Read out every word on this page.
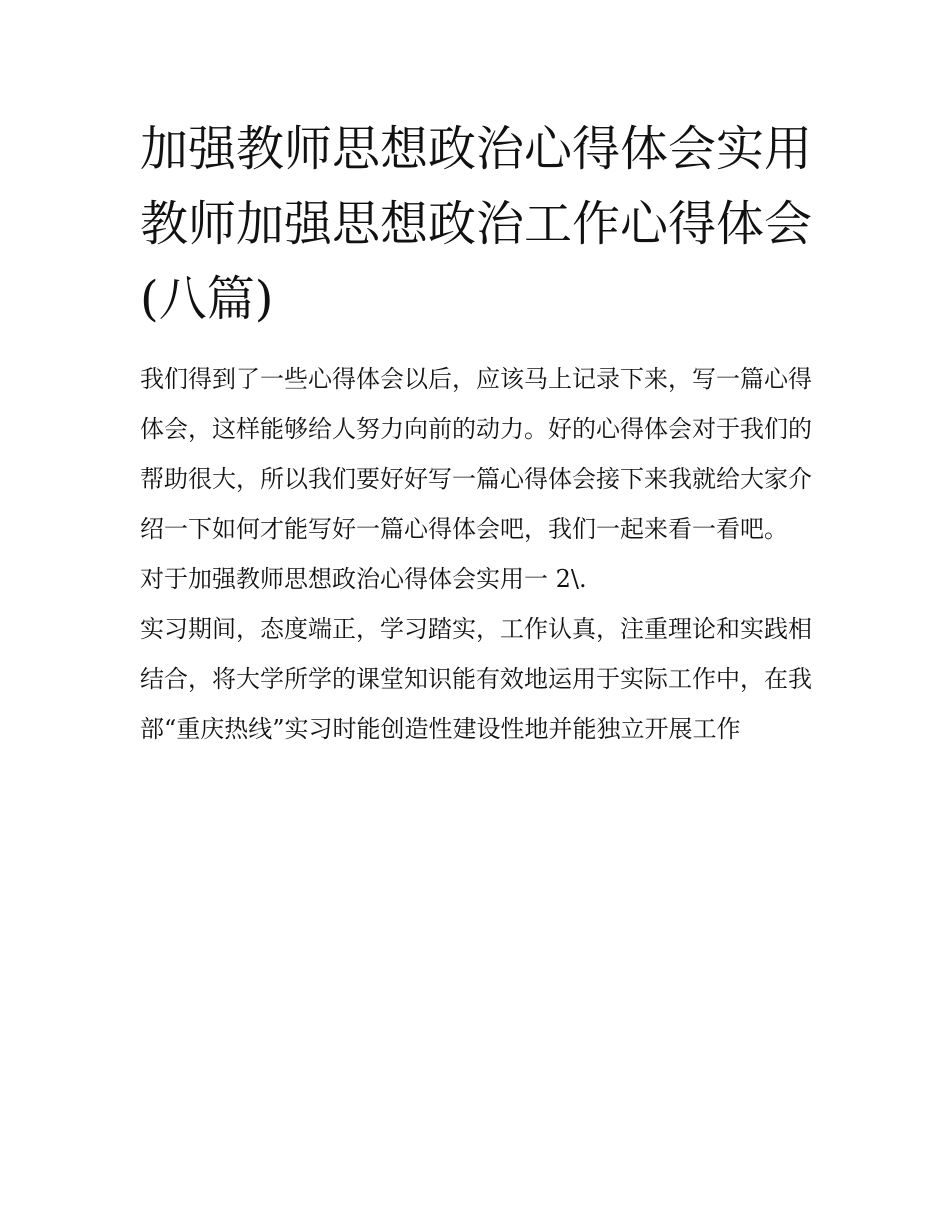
加强教师思想政治心得体会实用 教师加强思想政治工作心得体会(八篇)

我们得到了一些心得体会以后，应该马上记录下来，写一篇心得体会，这样能够给人努力向前的动力。好的心得体会对于我们的帮助很大，所以我们要好好写一篇心得体会接下来我就给大家介绍一下如何才能写好一篇心得体会吧，我们一起来看一看吧。

对于加强教师思想政治心得体会实用一 2\.

实习期间，态度端正，学习踏实，工作认真，注重理论和实践相结合，将大学所学的课堂知识能有效地运用于实际工作中，在我部“重庆热线”实习时能创造性建设性地并能独立开展工作
